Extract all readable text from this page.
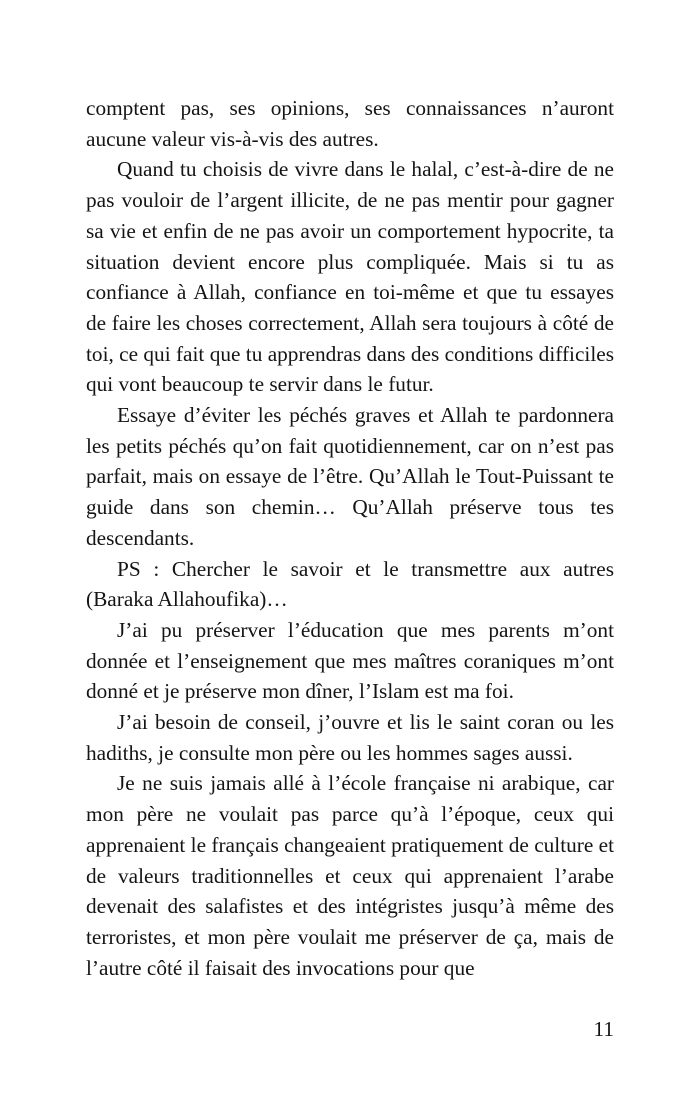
comptent pas, ses opinions, ses connaissances n’auront aucune valeur vis-à-vis des autres.

Quand tu choisis de vivre dans le halal, c’est-à-dire de ne pas vouloir de l’argent illicite, de ne pas mentir pour gagner sa vie et enfin de ne pas avoir un comportement hypocrite, ta situation devient encore plus compliquée. Mais si tu as confiance à Allah, confiance en toi-même et que tu essayes de faire les choses correctement, Allah sera toujours à côté de toi, ce qui fait que tu apprendras dans des conditions difficiles qui vont beaucoup te servir dans le futur.

Essaye d’éviter les péchés graves et Allah te pardonnera les petits péchés qu’on fait quotidiennement, car on n’est pas parfait, mais on essaye de l’être. Qu’Allah le Tout-Puissant te guide dans son chemin… Qu’Allah préserve tous tes descendants.

PS : Chercher le savoir et le transmettre aux autres (Baraka Allahoufika)…

J’ai pu préserver l’éducation que mes parents m’ont donnée et l’enseignement que mes maîtres coraniques m’ont donné et je préserve mon dîner, l’Islam est ma foi.

J’ai besoin de conseil, j’ouvre et lis le saint coran ou les hadiths, je consulte mon père ou les hommes sages aussi.

Je ne suis jamais allé à l’école française ni arabique, car mon père ne voulait pas parce qu’à l’époque, ceux qui apprenaient le français changeaient pratiquement de culture et de valeurs traditionnelles et ceux qui apprenaient l’arabe devenait des salafistes et des intégristes jusqu’à même des terroristes, et mon père voulait me préserver de ça, mais de l’autre côté il faisait des invocations pour que

11
